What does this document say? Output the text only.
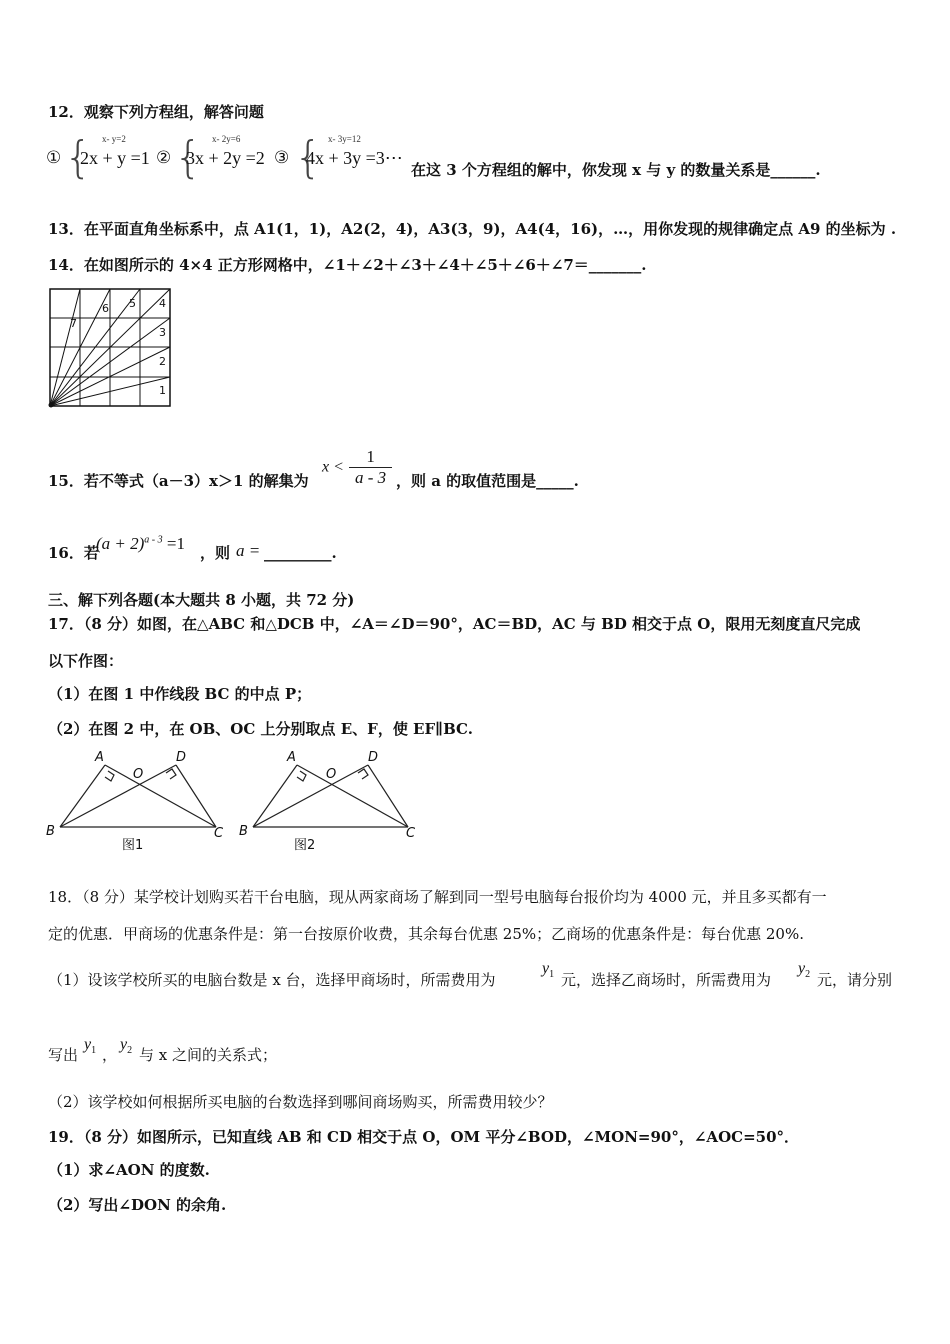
12．观察下列方程组，解答问题
① { x- y=2
2x + y =1 ② { x- 2y=6
3x + 2y =2 ③ { x- 3y=12
4x + 3y =3⋯
在这 3 个方程组的解中，你发现 x 与 y 的数量关系是______.
13．在平面直角坐标系中，点 A1(1，1)，A2(2，4)，A3(3，9)，A4(4，16)，…，用你发现的规律确定点 A9 的坐标为 .
14．在如图所示的 4×4 正方形网格中，∠1＋∠2＋∠3＋∠4＋∠5＋∠6＋∠7＝_______.
1
2
3
4
5
6
7
15．若不等式（a－3）x＞1 的解集为
$x < \frac{1}{a - 3}$ ，则 a 的取值范围是_____.
16．若
$(a + 2)^{a - 3} =1$ ，则 a = _________.
三、解下列各题(本大题共 8 小题，共 72 分)
17．（8 分）如图，在△ABC 和△DCB 中，∠A＝∠D＝90°，AC＝BD，AC 与 BD 相交于点 O，限用无刻度直尺完成
以下作图：
（1）在图 1 中作线段 BC 的中点 P；
（2）在图 2 中，在 OB、OC 上分别取点 E、F，使 EF∥BC.
A
O
D
B	C
A
O
D
B	C
图1	图2
18．（8 分）某学校计划购买若干台电脑，现从两家商场了解到同一型号电脑每台报价均为 4000 元，并且多买都有一
定的优惠．甲商场的优惠条件是：第一台按原价收费，其余每台优惠 25%；乙商场的优惠条件是：每台优惠 20%.
（1）设该学校所买的电脑台数是 x 台，选择甲商场时，所需费用为
$y_1$ 元，选择乙商场时，所需费用为
$y_2$ 元，请分别
写出
$y_1$ ，
$y_2$ 与 x 之间的关系式；
（2）该学校如何根据所买电脑的台数选择到哪间商场购买，所需费用较少？
19．（8 分）如图所示，已知直线 AB 和 CD 相交于点 O，OM 平分∠BOD，∠MON=90°，∠AOC=50°．
（1）求∠AON 的度数.
（2）写出∠DON 的余角.
